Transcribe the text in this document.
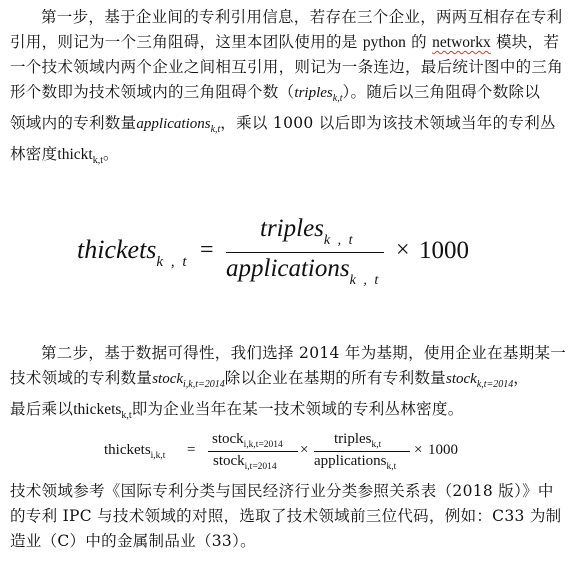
第一步，基于企业间的专利引用信息，若存在三个企业，两两互相存在专利
引用，则记为一个三角阻碍，这里本团队使用的是 python 的 networkx 模块，若
一个技术领域内两个企业之间相互引用，则记为一条连边，最后统计图中的三角
形个数即为技术领域内的三角阻碍个数（triples$_{k,t}$）。随后以三角阻碍个数除以
领域内的专利数量applications$_{k,t}$，乘以 1000 以后即为该技术领域当年的专利丛
林密度thickt$_{k,t}$。
thickets$_{k , t}$ =
triples$_{k , t}$
applications$_{k , t}$
× 1000
第二步，基于数据可得性，我们选择 2014 年为基期，使用企业在基期某一
技术领域的专利数量stock$_{i,k,t=2014}$除以企业在基期的所有专利数量stock$_{k,t=2014}$，
最后乘以thickets$_{k,t}$即为企业当年在某一技术领域的专利丛林密度。
thickets$_{i,k,t}$ =
stock$_{i,k,t=2014}$
stock$_{i,t=2014}$
×
triples$_{k,t}$
applications$_{k,t}$
× 1000
技术领域参考《国际专利分类与国民经济行业分类参照关系表（2018 版）》中
的专利 IPC 与技术领域的对照，选取了技术领域前三位代码，例如：C33 为制
造业（C）中的金属制品业（33）。
